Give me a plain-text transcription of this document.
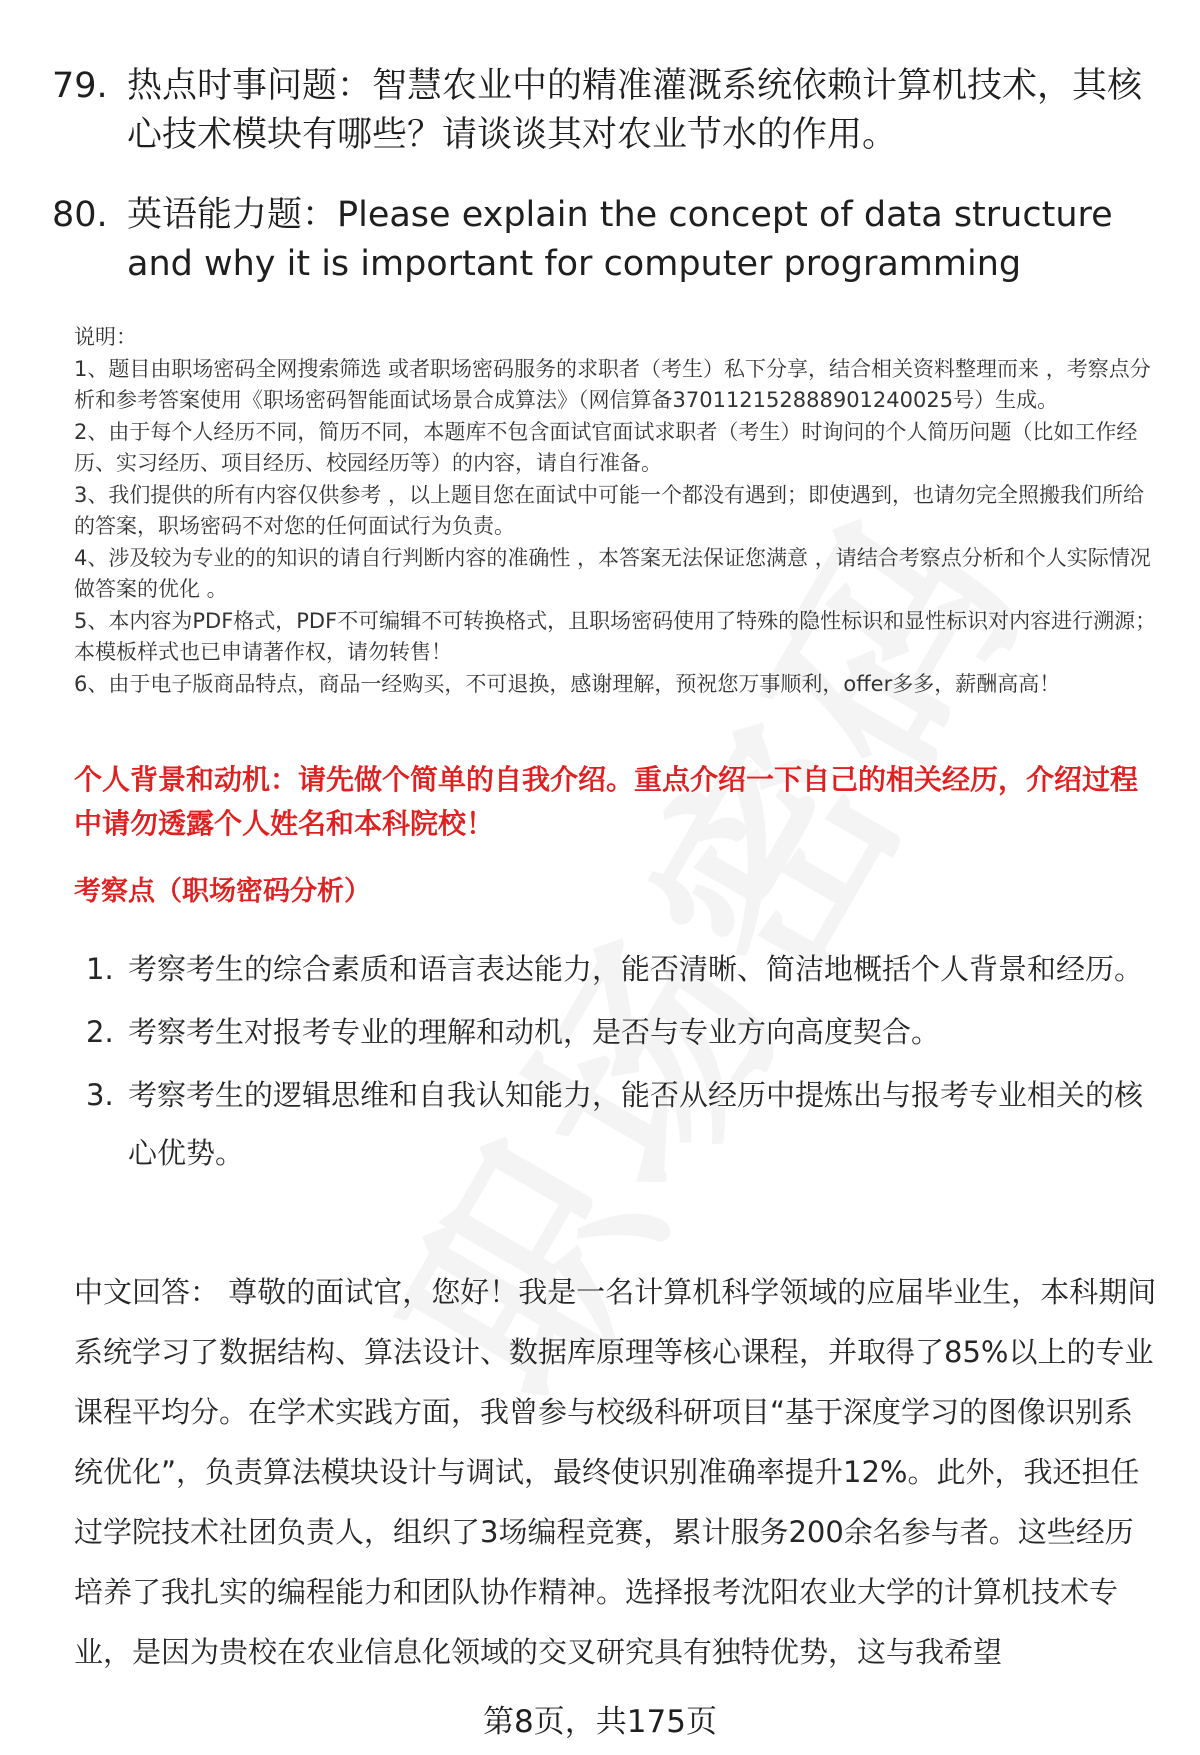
79. 热点时事问题：智慧农业中的精准灌溉系统依赖计算机技术，其核心技术模块有哪些？请谈谈其对农业节水的作用。
80. 英语能力题：Please explain the concept of data structure and why it is important for computer programming

说明：

1、题目由职场密码全网搜索筛选 或者职场密码服务的求职者（考生）私下分享，结合相关资料整理而来 ，考察点分析和参考答案使用《职场密码智能面试场景合成算法》（网信算备370112152888901240025号）生成。

2、由于每个人经历不同，简历不同，本题库不包含面试官面试求职者（考生）时询问的个人简历问题（比如工作经历、实习经历、项目经历、校园经历等）的内容，请自行准备。

3、我们提供的所有内容仅供参考 ，以上题目您在面试中可能一个都没有遇到；即使遇到，也请勿完全照搬我们所给的答案，职场密码不对您的任何面试行为负责。

4、涉及较为专业的的知识的请自行判断内容的准确性 ，本答案无法保证您满意 ，请结合考察点分析和个人实际情况做答案的优化 。

5、本内容为PDF格式，PDF不可编辑不可转换格式，且职场密码使用了特殊的隐性标识和显性标识对内容进行溯源；本模板样式也已申请著作权，请勿转售！

6、由于电子版商品特点，商品一经购买，不可退换，感谢理解，预祝您万事顺利，offer多多，薪酬高高！

个人背景和动机：请先做个简单的自我介绍。重点介绍一下自己的相关经历，介绍过程中请勿透露个人姓名和本科院校！
考察点（职场密码分析）
1. 考察考生的综合素质和语言表达能力，能否清晰、简洁地概括个人背景和经历。
2. 考察考生对报考专业的理解和动机，是否与专业方向高度契合。
3. 考察考生的逻辑思维和自我认知能力，能否从经历中提炼出与报考专业相关的核心优势。
中文回答： 尊敬的面试官，您好！我是一名计算机科学领域的应届毕业生，本科期间系统学习了数据结构、算法设计、数据库原理等核心课程，并取得了85%以上的专业课程平均分。在学术实践方面，我曾参与校级科研项目“基于深度学习的图像识别系统优化”，负责算法模块设计与调试，最终使识别准确率提升12%。此外，我还担任过学院技术社团负责人，组织了3场编程竞赛，累计服务200余名参与者。这些经历培养了我扎实的编程能力和团队协作精神。选择报考沈阳农业大学的计算机技术专业，是因为贵校在农业信息化领域的交叉研究具有独特优势，这与我希望
第8页，共175页
